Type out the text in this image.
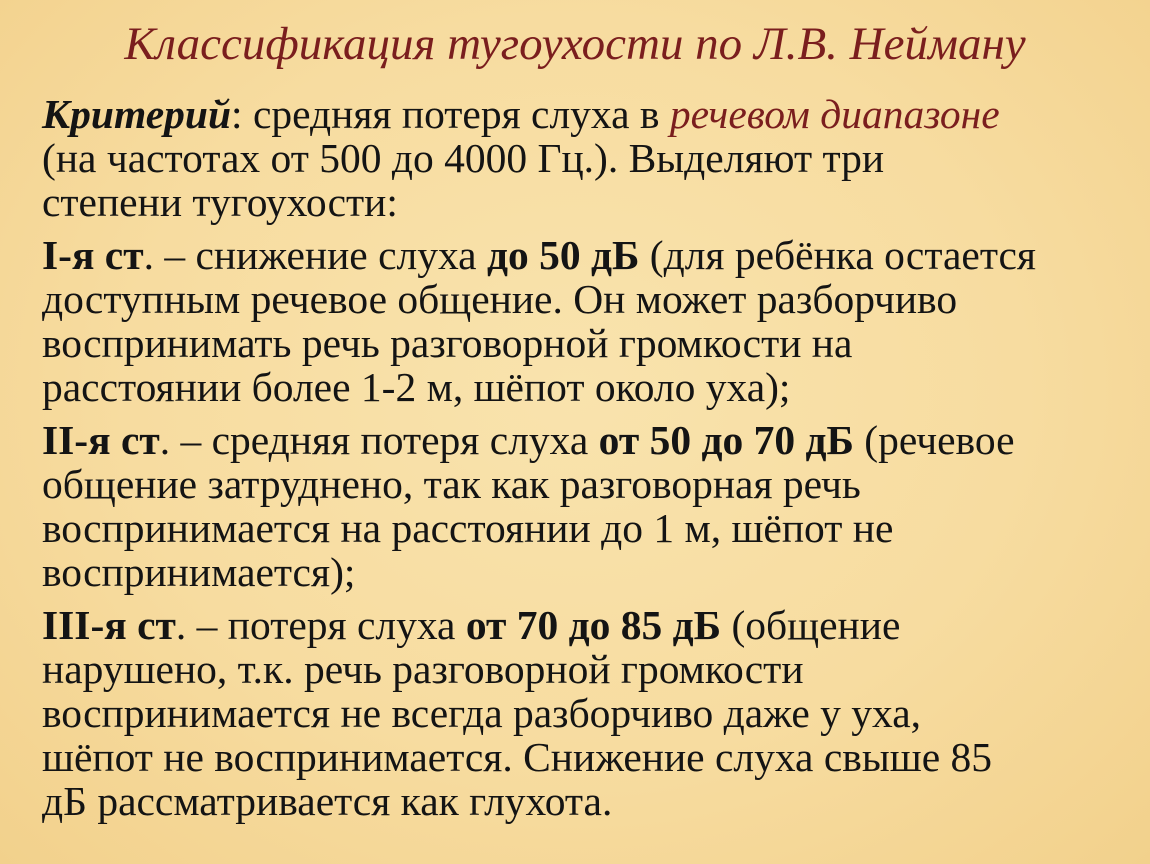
Классификация тугоухости по Л.В. Нейману
Критерий: средняя потеря слуха в речевом диапазоне
(на частотах от 500 до 4000 Гц.). Выделяют три
степени тугоухости:
I-я ст. – снижение слуха до 50 дБ (для ребёнка остается
доступным речевое общение. Он может разборчиво
воспринимать речь разговорной громкости на
расстоянии более 1-2 м, шёпот около уха);
II-я ст. – средняя потеря слуха от 50 до 70 дБ (речевое
общение затруднено, так как разговорная речь
воспринимается на расстоянии до 1 м, шёпот не
воспринимается);
III-я ст. – потеря слуха от 70 до 85 дБ (общение
нарушено, т.к. речь разговорной громкости
воспринимается не всегда разборчиво даже у уха,
шёпот не воспринимается. Снижение слуха свыше 85
дБ рассматривается как глухота.
